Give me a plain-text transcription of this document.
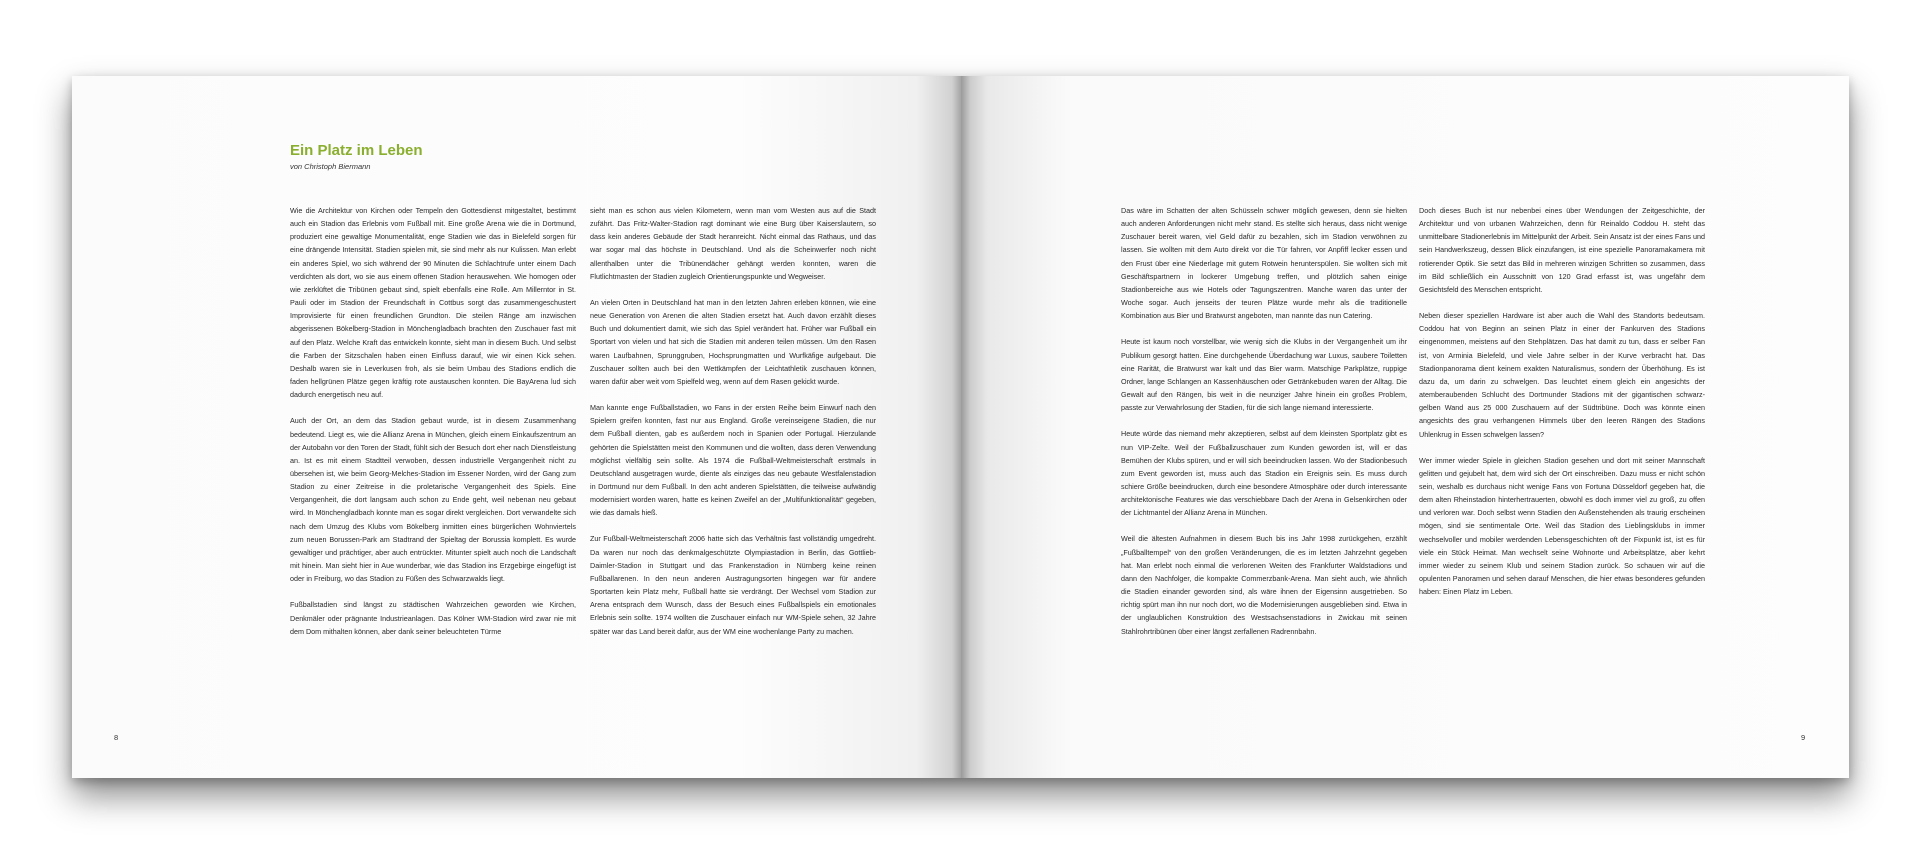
Ein Platz im Leben
von Christoph Biermann

Wie die Architektur von Kirchen oder Tempeln den Gottesdienst mitgestaltet, bestimmt auch ein Stadion das Erlebnis vom Fußball mit. Eine große Arena wie die in Dortmund, produziert eine gewaltige Monumentalität, enge Stadien wie das in Bielefeld sorgen für eine drängende Intensität. Stadien spielen mit, sie sind mehr als nur Kulissen. Man erlebt ein anderes Spiel, wo sich während der 90 Minuten die Schlachtrufe unter einem Dach verdichten als dort, wo sie aus einem offenen Stadion herauswehen. Wie homogen oder wie zerklüftet die Tribünen gebaut sind, spielt ebenfalls eine Rolle. Am Millerntor in St. Pauli oder im Stadion der Freundschaft in Cottbus sorgt das zusammengeschustert Improvisierte für einen freundlichen Grundton. Die steilen Ränge am inzwischen abgerissenen Bökelberg-Stadion in Mönchengladbach brachten den Zuschauer fast mit auf den Platz. Welche Kraft das entwickeln konnte, sieht man in diesem Buch. Und selbst die Farben der Sitzschalen haben einen Einfluss darauf, wie wir einen Kick sehen. Deshalb waren sie in Leverkusen froh, als sie beim Umbau des Stadions endlich die faden hellgrünen Plätze gegen kräftig rote austauschen konnten. Die BayArena lud sich dadurch energetisch neu auf.

Auch der Ort, an dem das Stadion gebaut wurde, ist in diesem Zusammenhang bedeutend. Liegt es, wie die Allianz Arena in München, gleich einem Einkaufszentrum an der Autobahn vor den Toren der Stadt, fühlt sich der Besuch dort eher nach Dienstleistung an. Ist es mit einem Stadtteil verwoben, dessen industrielle Vergangenheit nicht zu übersehen ist, wie beim Georg-Melches-Stadion im Essener Norden, wird der Gang zum Stadion zu einer Zeitreise in die proletarische Vergangenheit des Spiels. Eine Vergangenheit, die dort langsam auch schon zu Ende geht, weil nebenan neu gebaut wird. In Mönchengladbach konnte man es sogar direkt vergleichen. Dort verwandelte sich nach dem Umzug des Klubs vom Bökelberg inmitten eines bürgerlichen Wohnviertels zum neuen Borussen-Park am Stadtrand der Spieltag der Borussia komplett. Es wurde gewaltiger und prächtiger, aber auch entrückter. Mitunter spielt auch noch die Landschaft mit hinein. Man sieht hier in Aue wunderbar, wie das Stadion ins Erzgebirge eingefügt ist oder in Freiburg, wo das Stadion zu Füßen des Schwarzwalds liegt.

Fußballstadien sind längst zu städtischen Wahrzeichen geworden wie Kirchen, Denkmäler oder prägnante Industrieanlagen. Das Kölner WM-Stadion wird zwar nie mit dem Dom mithalten können, aber dank seiner beleuchteten Türme

sieht man es schon aus vielen Kilometern, wenn man vom Westen aus auf die Stadt zufährt. Das Fritz-Walter-Stadion ragt dominant wie eine Burg über Kaiserslautern, so dass kein anderes Gebäude der Stadt heranreicht. Nicht einmal das Rathaus, und das war sogar mal das höchste in Deutschland. Und als die Scheinwerfer noch nicht allenthalben unter die Tribünendächer gehängt werden konnten, waren die Flutlichtmasten der Stadien zugleich Orientierungspunkte und Wegweiser.

An vielen Orten in Deutschland hat man in den letzten Jahren erleben können, wie eine neue Generation von Arenen die alten Stadien ersetzt hat. Auch davon erzählt dieses Buch und dokumentiert damit, wie sich das Spiel verändert hat. Früher war Fußball ein Sportart von vielen und hat sich die Stadien mit anderen teilen müssen. Um den Rasen waren Laufbahnen, Sprunggruben, Hochsprungmatten und Wurfkäfige aufgebaut. Die Zuschauer sollten auch bei den Wettkämpfen der Leichtathletik zuschauen können, waren dafür aber weit vom Spielfeld weg, wenn auf dem Rasen gekickt wurde.

Man kannte enge Fußballstadien, wo Fans in der ersten Reihe beim Einwurf nach den Spielern greifen konnten, fast nur aus England. Große vereinseigene Stadien, die nur dem Fußball dienten, gab es außerdem noch in Spanien oder Portugal. Hierzulande gehörten die Spielstätten meist den Kommunen und die wollten, dass deren Verwendung möglichst vielfältig sein sollte. Als 1974 die Fußball-Weltmeisterschaft erstmals in Deutschland ausgetragen wurde, diente als einziges das neu gebaute Westfalenstadion in Dortmund nur dem Fußball. In den acht anderen Spielstätten, die teilweise aufwändig modernisiert worden waren, hatte es keinen Zweifel an der „Multifunktionalität“ gegeben, wie das damals hieß.

Zur Fußball-Weltmeisterschaft 2006 hatte sich das Verhältnis fast vollständig umgedreht. Da waren nur noch das denkmalgeschützte Olympiastadion in Berlin, das Gottlieb-Daimler-Stadion in Stuttgart und das Frankenstadion in Nürnberg keine reinen Fußballarenen. In den neun anderen Austragungsorten hingegen war für andere Sportarten kein Platz mehr, Fußball hatte sie verdrängt. Der Wechsel vom Stadion zur Arena entsprach dem Wunsch, dass der Besuch eines Fußballspiels ein emotionales Erlebnis sein sollte. 1974 wollten die Zuschauer einfach nur WM-Spiele sehen, 32 Jahre später war das Land bereit dafür, aus der WM eine wochenlange Party zu machen.

8

Das wäre im Schatten der alten Schüsseln schwer möglich gewesen, denn sie hielten auch anderen Anforderungen nicht mehr stand. Es stellte sich heraus, dass nicht wenige Zuschauer bereit waren, viel Geld dafür zu bezahlen, sich im Stadion verwöhnen zu lassen. Sie wollten mit dem Auto direkt vor die Tür fahren, vor Anpfiff lecker essen und den Frust über eine Niederlage mit gutem Rotwein herunterspülen. Sie wollten sich mit Geschäftspartnern in lockerer Umgebung treffen, und plötzlich sahen einige Stadionbereiche aus wie Hotels oder Tagungszentren. Manche waren das unter der Woche sogar. Auch jenseits der teuren Plätze wurde mehr als die traditionelle Kombination aus Bier und Bratwurst angeboten, man nannte das nun Catering.

Heute ist kaum noch vorstellbar, wie wenig sich die Klubs in der Vergangenheit um ihr Publikum gesorgt hatten. Eine durchgehende Überdachung war Luxus, saubere Toiletten eine Rarität, die Bratwurst war kalt und das Bier warm. Matschige Parkplätze, ruppige Ordner, lange Schlangen an Kassenhäuschen oder Getränkebuden waren der Alltag. Die Gewalt auf den Rängen, bis weit in die neunziger Jahre hinein ein großes Problem, passte zur Verwahrlosung der Stadien, für die sich lange niemand interessierte.

Heute würde das niemand mehr akzeptieren, selbst auf dem kleinsten Sportplatz gibt es nun VIP-Zelte. Weil der Fußballzuschauer zum Kunden geworden ist, will er das Bemühen der Klubs spüren, und er will sich beeindrucken lassen. Wo der Stadionbesuch zum Event geworden ist, muss auch das Stadion ein Ereignis sein. Es muss durch schiere Größe beeindrucken, durch eine besondere Atmosphäre oder durch interessante architektonische Features wie das verschiebbare Dach der Arena in Gelsenkirchen oder der Lichtmantel der Allianz Arena in München.

Weil die ältesten Aufnahmen in diesem Buch bis ins Jahr 1998 zurückgehen, erzählt „Fußballtempel“ von den großen Veränderungen, die es im letzten Jahrzehnt gegeben hat. Man erlebt noch einmal die verlorenen Weiten des Frankfurter Waldstadions und dann den Nachfolger, die kompakte Commerzbank-Arena. Man sieht auch, wie ähnlich die Stadien einander geworden sind, als wäre ihnen der Eigensinn ausgetrieben. So richtig spürt man ihn nur noch dort, wo die Modernisierungen ausgeblieben sind. Etwa in der unglaublichen Konstruktion des Westsachsenstadions in Zwickau mit seinen Stahlrohrtribünen über einer längst zerfallenen Radrennbahn.

Doch dieses Buch ist nur nebenbei eines über Wendungen der Zeitgeschichte, der Architektur und von urbanen Wahrzeichen, denn für Reinaldo Coddou H. steht das unmittelbare Stadionerlebnis im Mittelpunkt der Arbeit. Sein Ansatz ist der eines Fans und sein Handwerkszeug, dessen Blick einzufangen, ist eine spezielle Panoramakamera mit rotierender Optik. Sie setzt das Bild in mehreren winzigen Schritten so zusammen, dass im Bild schließlich ein Ausschnitt von 120 Grad erfasst ist, was ungefähr dem Gesichtsfeld des Menschen entspricht.

Neben dieser speziellen Hardware ist aber auch die Wahl des Standorts bedeutsam. Coddou hat von Beginn an seinen Platz in einer der Fankurven des Stadions eingenommen, meistens auf den Stehplätzen. Das hat damit zu tun, dass er selber Fan ist, von Arminia Bielefeld, und viele Jahre selber in der Kurve verbracht hat. Das Stadionpanorama dient keinem exakten Naturalismus, sondern der Überhöhung. Es ist dazu da, um darin zu schwelgen. Das leuchtet einem gleich ein angesichts der atemberaubenden Schlucht des Dortmunder Stadions mit der gigantischen schwarz-gelben Wand aus 25 000 Zuschauern auf der Südtribüne. Doch was könnte einen angesichts des grau verhangenen Himmels über den leeren Rängen des Stadions Uhlenkrug in Essen schwelgen lassen?

Wer immer wieder Spiele in gleichen Stadion gesehen und dort mit seiner Mannschaft gelitten und gejubelt hat, dem wird sich der Ort einschreiben. Dazu muss er nicht schön sein, weshalb es durchaus nicht wenige Fans von Fortuna Düsseldorf gegeben hat, die dem alten Rheinstadion hinterhertrauerten, obwohl es doch immer viel zu groß, zu offen und verloren war. Doch selbst wenn Stadien den Außenstehenden als traurig erscheinen mögen, sind sie sentimentale Orte. Weil das Stadion des Lieblingsklubs in immer wechselvoller und mobiler werdenden Lebensgeschichten oft der Fixpunkt ist, ist es für viele ein Stück Heimat. Man wechselt seine Wohnorte und Arbeitsplätze, aber kehrt immer wieder zu seinem Klub und seinem Stadion zurück. So schauen wir auf die opulenten Panoramen und sehen darauf Menschen, die hier etwas besonderes gefunden haben: Einen Platz im Leben.

9
